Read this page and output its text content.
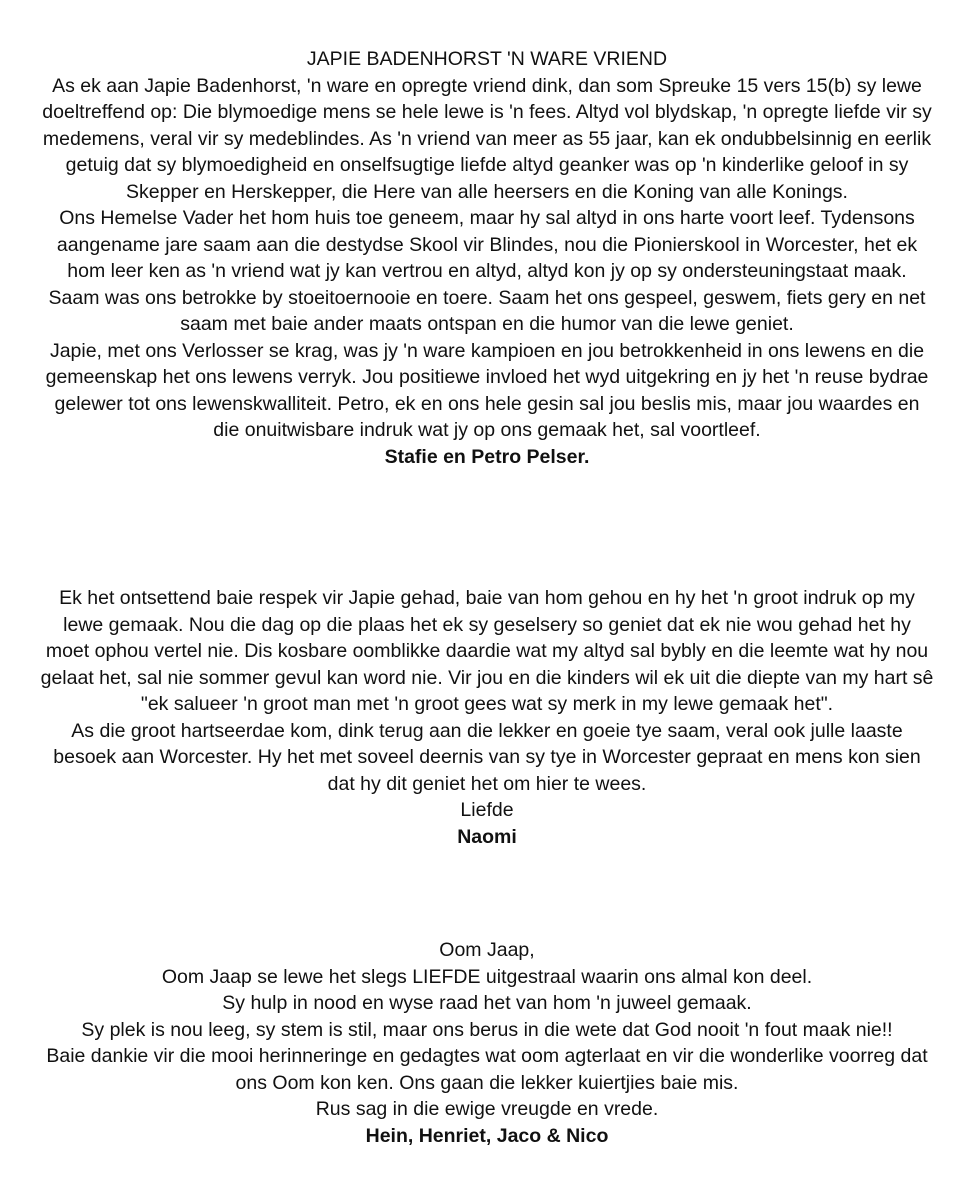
JAPIE BADENHORST 'N WARE VRIEND

As ek aan Japie Badenhorst, 'n ware en opregte vriend dink, dan som Spreuke 15 vers 15(b) sy lewe doeltreffend op: Die blymoedige mens se hele lewe is 'n fees. Altyd vol blydskap, 'n opregte liefde vir sy medemens, veral vir sy medeblindes. As 'n vriend van meer as 55 jaar, kan ek ondubbelsinnig en eerlik getuig dat sy blymoedigheid en onselfsugtige liefde altyd geanker was op 'n kinderlike geloof in sy Skepper en Herskepper, die Here van alle heersers en die Koning van alle Konings.

Ons Hemelse Vader het hom huis toe geneem, maar hy sal altyd in ons harte voort leef. Tydensons aangename jare saam aan die destydse Skool vir Blindes, nou die Pionierskool in Worcester, het ek hom leer ken as 'n vriend wat jy kan vertrou en altyd, altyd kon jy op sy ondersteuningstaat maak. Saam was ons betrokke by stoeitoernooie en toere. Saam het ons gespeel, geswem, fiets gery en net saam met baie ander maats ontspan en die humor van die lewe geniet.

Japie, met ons Verlosser se krag, was jy 'n ware kampioen en jou betrokkenheid in ons lewens en die gemeenskap het ons lewens verryk. Jou positiewe invloed het wyd uitgekring en jy het 'n reuse bydrae gelewer tot ons lewenskwalliteit. Petro, ek en ons hele gesin sal jou beslis mis, maar jou waardes en die onuitwisbare indruk wat jy op ons gemaak het, sal voortleef.

Stafie en Petro Pelser.

Ek het ontsettend baie respek vir Japie gehad, baie van hom gehou en hy het 'n groot indruk op my lewe gemaak. Nou die dag op die plaas het ek sy geselsery so geniet dat ek nie wou gehad het hy moet ophou vertel nie. Dis kosbare oomblikke daardie wat my altyd sal bybly en die leemte wat hy nou gelaat het, sal nie sommer gevul kan word nie. Vir jou en die kinders wil ek uit die diepte van my hart sê "ek salueer 'n groot man met 'n groot gees wat sy merk in my lewe gemaak het".

As die groot hartseerdae kom, dink terug aan die lekker en goeie tye saam, veral ook julle laaste besoek aan Worcester. Hy het met soveel deernis van sy tye in Worcester gepraat en mens kon sien dat hy dit geniet het om hier te wees.

Liefde

Naomi

Oom Jaap,

Oom Jaap se lewe het slegs LIEFDE uitgestraal waarin ons almal kon deel.

Sy hulp in nood en wyse raad het van hom 'n juweel gemaak.

Sy plek is nou leeg, sy stem is stil, maar ons berus in die wete dat God nooit 'n fout maak nie!!

Baie dankie vir die mooi herinneringe en gedagtes wat oom agterlaat en vir die wonderlike voorreg dat ons Oom kon ken. Ons gaan die lekker kuiertjies baie mis.

Rus sag in die ewige vreugde en vrede.

Hein, Henriet, Jaco & Nico
